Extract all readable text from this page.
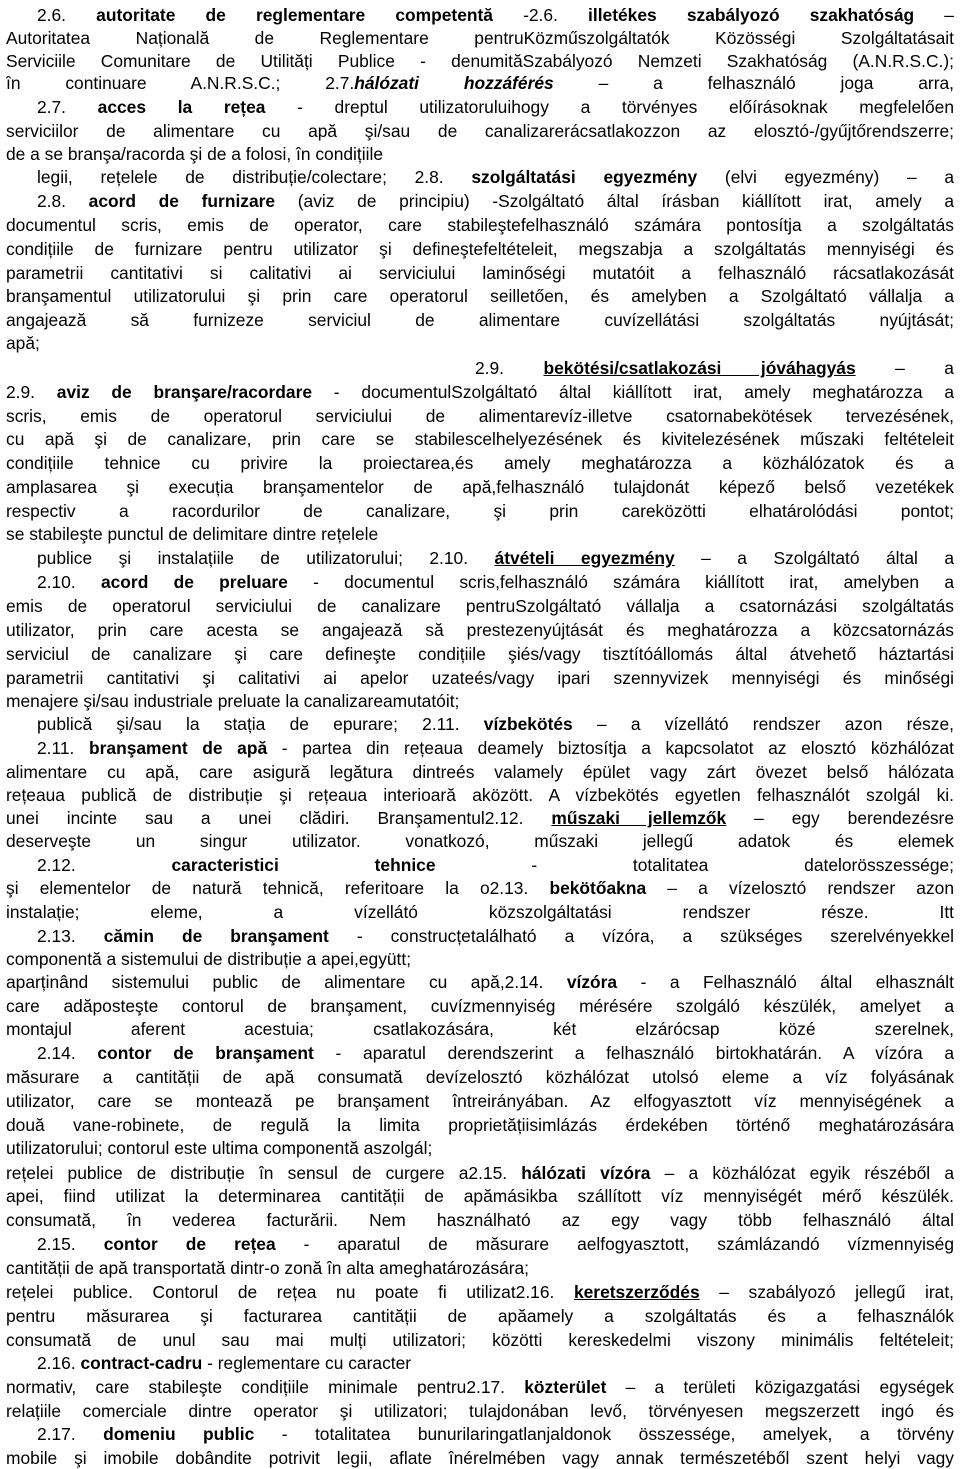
2.6. autoritate de reglementare competentă -2.6. illetékes szabályozó szakhatóság –
Autoritatea Națională de Reglementare pentruKözműszolgáltatók Közösségi Szolgáltatásait
Serviciile Comunitare de Utilități Publice - denumităSzabályozó Nemzeti Szakhatóság (A.N.R.S.C.);
în continuare A.N.R.S.C.; 2.7.hálózati hozzáférés – a felhasználó joga arra,
2.7. acces la rețea - dreptul utilizatoruluihogy a törvényes előírásoknak megfelelően
serviciilor de alimentare cu apă şi/sau de canalizarerácsatlakozzon az elosztó-/gyűjtőrendszerre;
de a se branşa/racorda şi de a folosi, în condițiile
legii, rețelele de distribuție/colectare; 2.8. szolgáltatási egyezmény (elvi egyezmény) – a
2.8. acord de furnizare (aviz de principiu) -Szolgáltató által írásban kiállított irat, amely a
documentul scris, emis de operator, care stabileştefelhasználó számára pontosítja a szolgáltatás
condițiile de furnizare pentru utilizator şi defineştefeltételeit, megszabja a szolgáltatás mennyiségi és
parametrii cantitativi si calitativi ai serviciului laminőségi mutatóit a felhasználó rácsatlakozását
branşamentul utilizatorului şi prin care operatorul seilletően, és amelyben a Szolgáltató vállalja a
angajează să furnizeze serviciul de alimentare cuvízellátási szolgáltatás nyújtását;
apă;
2.9. bekötési/csatlakozási jóváhagyás – a
2.9. aviz de branşare/racordare - documentulSzolgáltató által kiállított irat, amely meghatározza a
scris, emis de operatorul serviciului de alimentarevíz-illetve csatornabekötések tervezésének,
cu apă şi de canalizare, prin care se stabilescelhelyezésének és kivitelezésének műszaki feltételeit
condițiile tehnice cu privire la proiectarea,és amely meghatározza a közhálózatok és a
amplasarea şi execuția branşamentelor de apă,felhasználó tulajdonát képező belső vezetékek
respectiv a racordurilor de canalizare, şi prin careközötti elhatárolódási pontot;
se stabileşte punctul de delimitare dintre rețelele
publice şi instalațiile de utilizatorului; 2.10. átvételi egyezmény – a Szolgáltató által a
2.10. acord de preluare - documentul scris,felhasználó számára kiállított irat, amelyben a
emis de operatorul serviciului de canalizare pentruSzolgáltató vállalja a csatornázási szolgáltatás
utilizator, prin care acesta se angajează să prestezenyújtását és meghatározza a közcsatornázás
serviciul de canalizare şi care defineşte condițiile şiés/vagy tisztítóállomás által átvehető háztartási
parametrii cantitativi şi calitativi ai apelor uzateés/vagy ipari szennyvizek mennyiségi és minőségi
menajere şi/sau industriale preluate la canalizareamutatóit;
publică şi/sau la stația de epurare; 2.11. vízbekötés – a vízellátó rendszer azon része,
2.11. branşament de apă - partea din rețeaua deamely biztosítja a kapcsolatot az elosztó közhálózat
alimentare cu apă, care asigură legătura dintreés valamely épület vagy zárt övezet belső hálózata
rețeaua publică de distribuție şi rețeaua interioară aközött. A vízbekötés egyetlen felhasználót szolgál ki.
unei incinte sau a unei clădiri. Branşamentul2.12. műszaki jellemzők – egy berendezésre
deserveşte un singur utilizator. vonatkozó, műszaki jellegű adatok és elemek
2.12. caracteristici tehnice - totalitatea datelorösszessége;
şi elementelor de natură tehnică, referitoare la o2.13. bekötőakna – a vízelosztó rendszer azon
instalație; eleme, a vízellátó közszolgáltatási rendszer része. Itt
2.13. cămin de branşament - construcțetalálható a vízóra, a szükséges szerelvényekkel
componentă a sistemului de distribuție a apei,együtt;
aparținând sistemului public de alimentare cu apă,2.14. vízóra - a Felhasználó által elhasznált
care adăposteşte contorul de branşament, cuvízmennyiség mérésére szolgáló készülék, amelyet a
montajul aferent acestuia; csatlakozására, két elzárócsap közé szerelnek,
2.14. contor de branşament - aparatul derendszerint a felhasználó birtokhatárán. A vízóra a
măsurare a cantității de apă consumată devízelosztó közhálózat utolsó eleme a víz folyásának
utilizator, care se montează pe branşament întreirányában. Az elfogyasztott víz mennyiségének a
două vane-robinete, de regulă la limita proprietățiisimlázás érdekében történő meghatározására
utilizatorului; contorul este ultima componentă aszolgál;
rețelei publice de distribuție în sensul de curgere a2.15. hálózati vízóra – a közhálózat egyik részéből a
apei, fiind utilizat la determinarea cantității de apămásikba szállított víz mennyiségét mérő készülék.
consumată, în vederea facturării. Nem használható az egy vagy több felhasználó által
2.15. contor de rețea - aparatul de măsurare aelfogyasztott, számlázandó vízmennyiség
cantității de apă transportată dintr-o zonă în alta ameghatározására;
rețelei publice. Contorul de rețea nu poate fi utilizat2.16. keretszerződés – szabályozó jellegű irat,
pentru măsurarea şi facturarea cantității de apăamely a szolgáltatás és a felhasználók
consumată de unul sau mai mulți utilizatori; közötti kereskedelmi viszony minimális feltételeit;
2.16. contract-cadru - reglementare cu caracter
normativ, care stabileşte condițiile minimale pentru2.17. közterület – a területi közigazgatási egységek
relațiile comerciale dintre operator şi utilizatori; tulajdonában levő, törvényesen megszerzett ingó és
2.17. domeniu public - totalitatea bunurilaringatlanjaldonok összessége, amelyek, a törvény
mobile şi imobile dobândite potrivit legii, aflate înérelmében vagy annak természetéből szent helyi vagy
